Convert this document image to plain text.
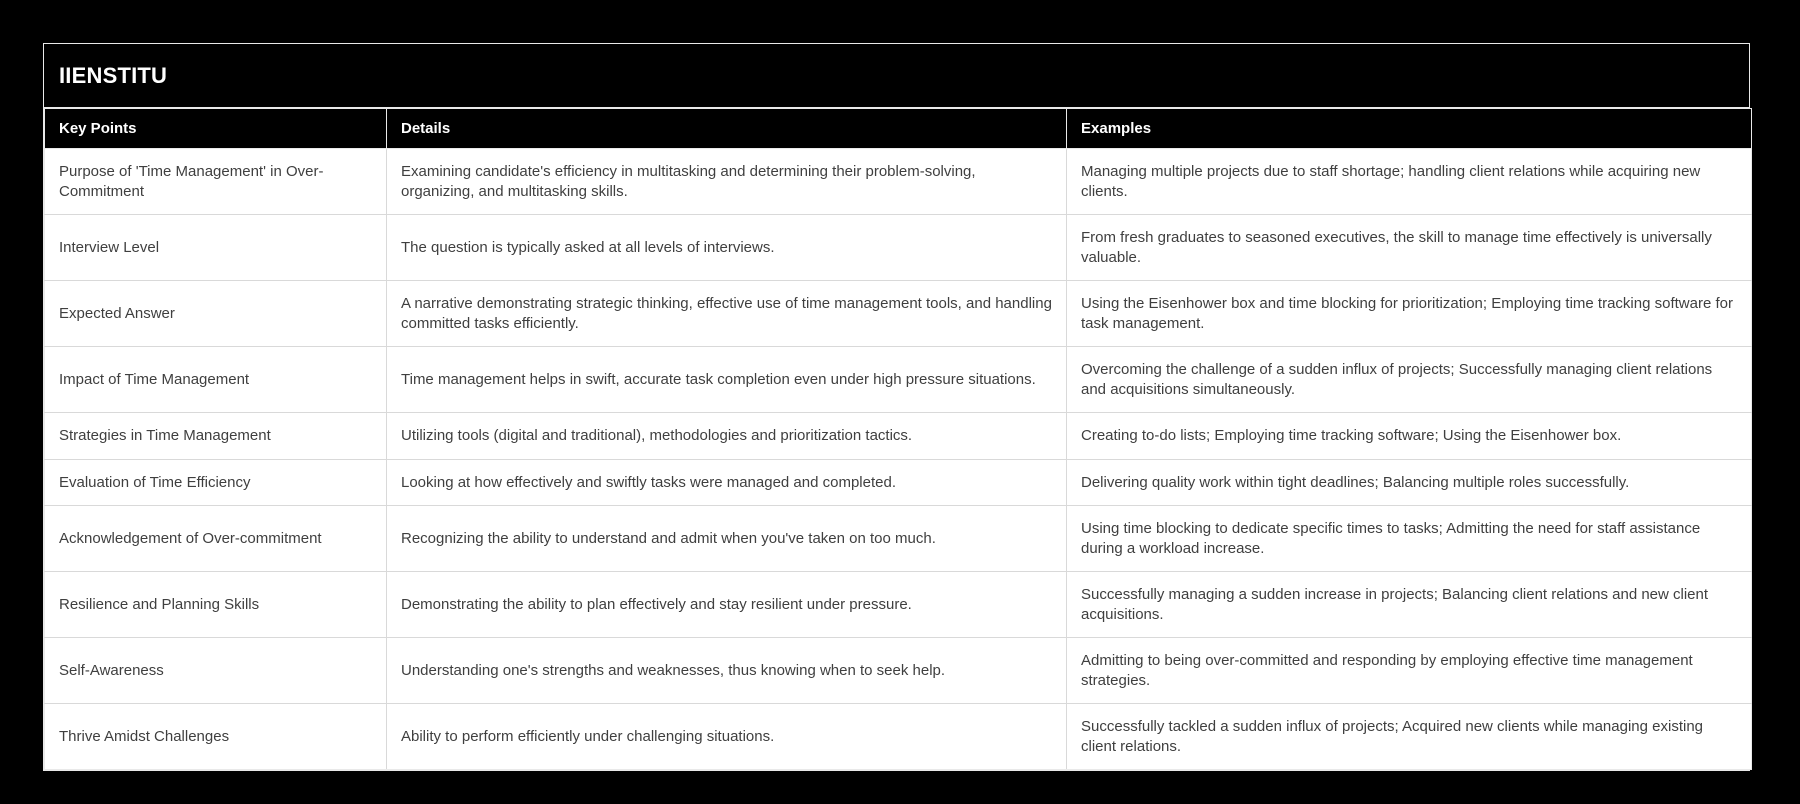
IIENSTITU
Key Points	Details	Examples
Purpose of 'Time Management' in Over-Commitment	Examining candidate's efficiency in multitasking and determining their problem-solving, organizing, and multitasking skills.	Managing multiple projects due to staff shortage; handling client relations while acquiring new clients.
Interview Level	The question is typically asked at all levels of interviews.	From fresh graduates to seasoned executives, the skill to manage time effectively is universally valuable.
Expected Answer	A narrative demonstrating strategic thinking, effective use of time management tools, and handling committed tasks efficiently.	Using the Eisenhower box and time blocking for prioritization; Employing time tracking software for task management.
Impact of Time Management	Time management helps in swift, accurate task completion even under high pressure situations.	Overcoming the challenge of a sudden influx of projects; Successfully managing client relations and acquisitions simultaneously.
Strategies in Time Management	Utilizing tools (digital and traditional), methodologies and prioritization tactics.	Creating to-do lists; Employing time tracking software; Using the Eisenhower box.
Evaluation of Time Efficiency	Looking at how effectively and swiftly tasks were managed and completed.	Delivering quality work within tight deadlines; Balancing multiple roles successfully.
Acknowledgement of Over-commitment	Recognizing the ability to understand and admit when you've taken on too much.	Using time blocking to dedicate specific times to tasks; Admitting the need for staff assistance during a workload increase.
Resilience and Planning Skills	Demonstrating the ability to plan effectively and stay resilient under pressure.	Successfully managing a sudden increase in projects; Balancing client relations and new client acquisitions.
Self-Awareness	Understanding one's strengths and weaknesses, thus knowing when to seek help.	Admitting to being over-committed and responding by employing effective time management strategies.
Thrive Amidst Challenges	Ability to perform efficiently under challenging situations.	Successfully tackled a sudden influx of projects; Acquired new clients while managing existing client relations.
